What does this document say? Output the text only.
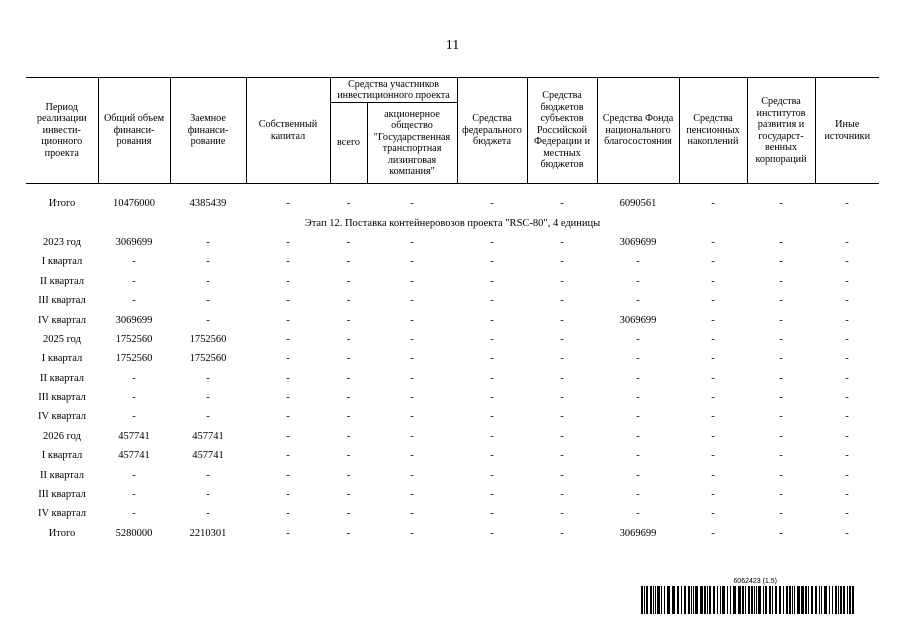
11
Период реализации инвести-ционного проекта	Общий объем финанси-рования	Заемное финанси-рование	Собственный капитал	Средства участников инвестиционного проекта		Средства федерального бюджета	Средства бюджетов субъектов Российской Федерации и местных бюджетов	Средства Фонда национального благосостояния	Средства пенсионных накоплений	Средства институтов развития и государст-венных корпораций	Иные источники
				всего	акционерное общество "Государственная транспортная лизинговая компания"						

Итого	10476000	4385439	-	-	-	-	-	6090561	-	-	-
Этап 12. Поставка контейнеровозов проекта "RSC-80", 4 единицы											
2023 год	3069699	-	-	-	-	-	-	3069699	-	-	-
I квартал	-	-	-	-	-	-	-	-	-	-	-
II квартал	-	-	-	-	-	-	-	-	-	-	-
III квартал	-	-	-	-	-	-	-	-	-	-	-
IV квартал	3069699	-	-	-	-	-	-	3069699	-	-	-
2025 год	1752560	1752560	-	-	-	-	-	-	-	-	-
I квартал	1752560	1752560	-	-	-	-	-	-	-	-	-
II квартал	-	-	-	-	-	-	-	-	-	-	-
III квартал	-	-	-	-	-	-	-	-	-	-	-
IV квартал	-	-	-	-	-	-	-	-	-	-	-
2026 год	457741	457741	-	-	-	-	-	-	-	-	-
I квартал	457741	457741	-	-	-	-	-	-	-	-	-
II квартал	-	-	-	-	-	-	-	-	-	-	-
III квартал	-	-	-	-	-	-	-	-	-	-	-
IV квартал	-	-	-	-	-	-	-	-	-	-	-
Итого	5280000	2210301	-	-	-	-	-	3069699	-	-	-
6062423 (1.5)
